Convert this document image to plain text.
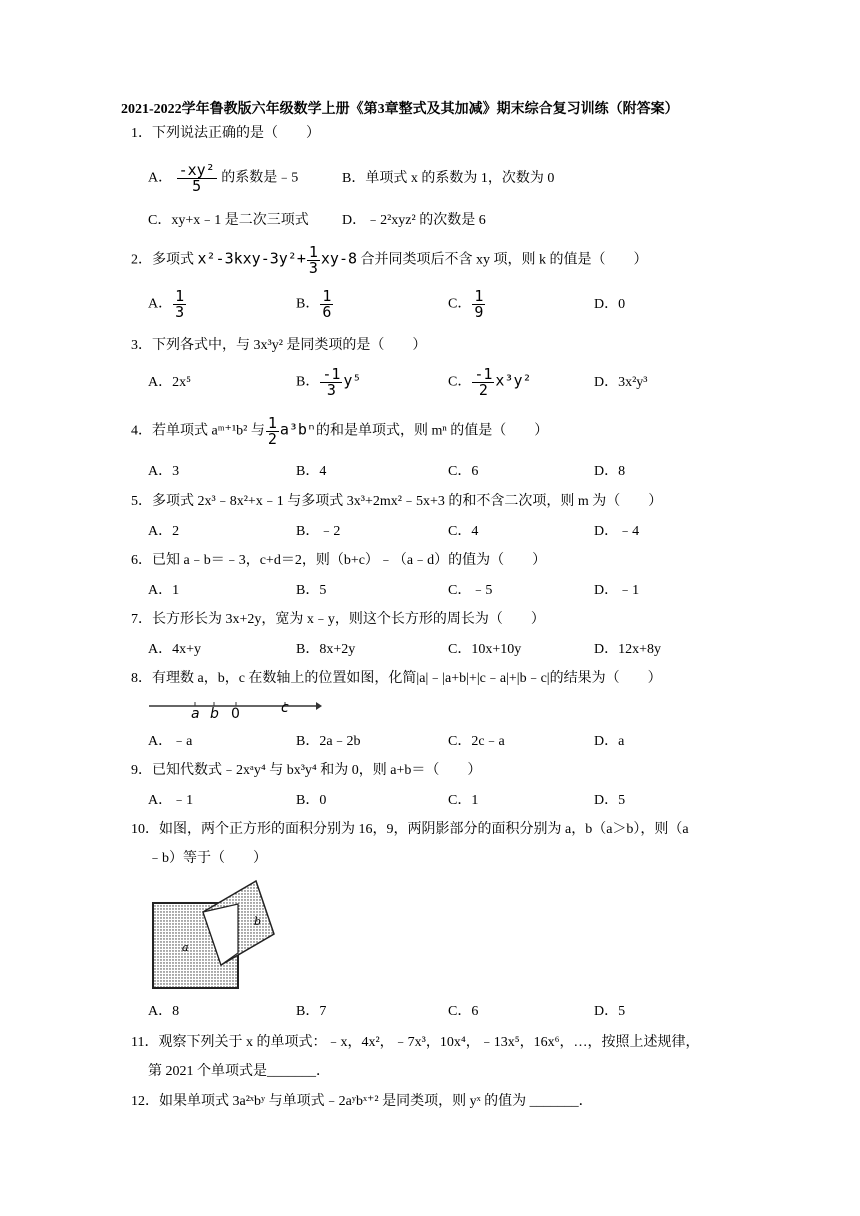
2021-2022学年鲁教版六年级数学上册《第3章整式及其加减》期末综合复习训练（附答案）
1．下列说法正确的是（　　）
A． $\frac{\text{-xy²}}{5}$ 的系数是﹣5	B．单项式 x 的系数为 1，次数为 0
C．xy+x﹣1 是二次三项式 D．﹣2²xyz² 的次数是 6
2．多项式 $x^2-3kxy-3y^2+ \frac{1}{3} xy-8$ 合并同类项后不含 xy 项，则 k 的值是（　　）
A． $\frac{1}{3}$	B． $\frac{1}{6}$	C． $\frac{1}{9}$	D．0
3．下列各式中，与 3x³y² 是同类项的是（　　）
A．2x⁵	B． $\frac{-1}{3} y^5$	C． $\frac{-1}{2} x^3y^2$	D．3x²y³
4．若单项式 aᵐ⁺¹b² 与 $\frac{1}{2} a^3b^n$的和是单项式，则 mⁿ 的值是（　　）
A．3	B．4	C．6	D．8
5．多项式 2x³﹣8x²+x﹣1 与多项式 3x³+2mx²﹣5x+3 的和不含二次项，则 m 为（　　）
A．2	B．﹣2	C．4	D．﹣4
6．已知 a﹣b＝﹣3，c+d＝2，则（b+c）﹣（a﹣d）的值为（　　）
A．1	B．5	C．﹣5	D．﹣1
7．长方形长为 3x+2y，宽为 x﹣y，则这个长方形的周长为（　　）
A．4x+y	B．8x+2y	C．10x+10y	D．12x+8y
8．有理数 a，b，c 在数轴上的位置如图，化简|a|﹣|a+b|+|c﹣a|+|b﹣c|的结果为（　　）
a b 0	c
A．﹣a	B．2a﹣2b	C．2c﹣a	D．a
9．已知代数式﹣2xᵃy⁴ 与 bx³y⁴ 和为 0，则 a+b＝（　　）
A．﹣1	B．0	C．1	D．5
10．如图，两个正方形的面积分别为 16，9，两阴影部分的面积分别为 a，b（a＞b），则（a
﹣b）等于（　　）
a
b
A．8	B．7	C．6	D．5
11．观察下列关于 x 的单项式：﹣x，4x²，﹣7x³，10x⁴，﹣13x⁵，16x⁶，…，按照上述规律，
第 2021 个单项式是_______．
12．如果单项式 3a²ˣbʸ 与单项式﹣2aʸbˣ⁺² 是同类项，则 yˣ 的值为 _______．
